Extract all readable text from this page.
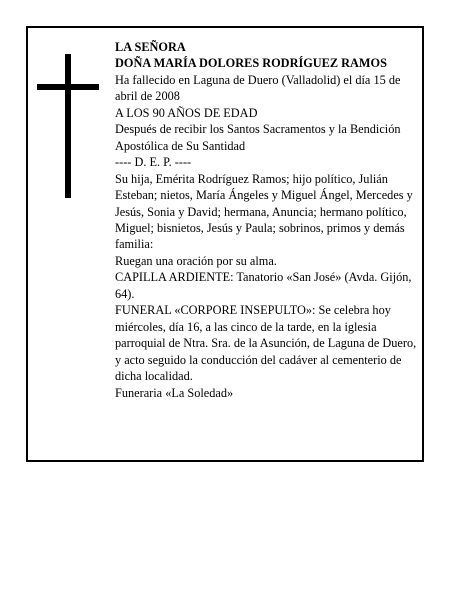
LA SEÑORA

DOÑA MARÍA DOLORES RODRÍGUEZ RAMOS

Ha fallecido en Laguna de Duero (Valladolid) el día 15 de abril de 2008

A LOS 90 AÑOS DE EDAD

Después de recibir los Santos Sacramentos y la Bendición Apostólica de Su Santidad

---- D. E. P. ----

Su hija, Emérita Rodríguez Ramos; hijo político, Julián Esteban; nietos, María Ángeles y Miguel Ángel, Mercedes y Jesús, Sonia y David; hermana, Anuncia; hermano político, Miguel; bisnietos, Jesús y Paula; sobrinos, primos y demás familia:

Ruegan una oración por su alma.

CAPILLA ARDIENTE: Tanatorio «San José» (Avda. Gijón, 64).

FUNERAL «CORPORE INSEPULTO»: Se celebra hoy miércoles, día 16, a las cinco de la tarde, en la iglesia parroquial de Ntra. Sra. de la Asunción, de Laguna de Duero, y acto seguido la conducción del cadáver al cementerio de dicha localidad.

Funeraria «La Soledad»
